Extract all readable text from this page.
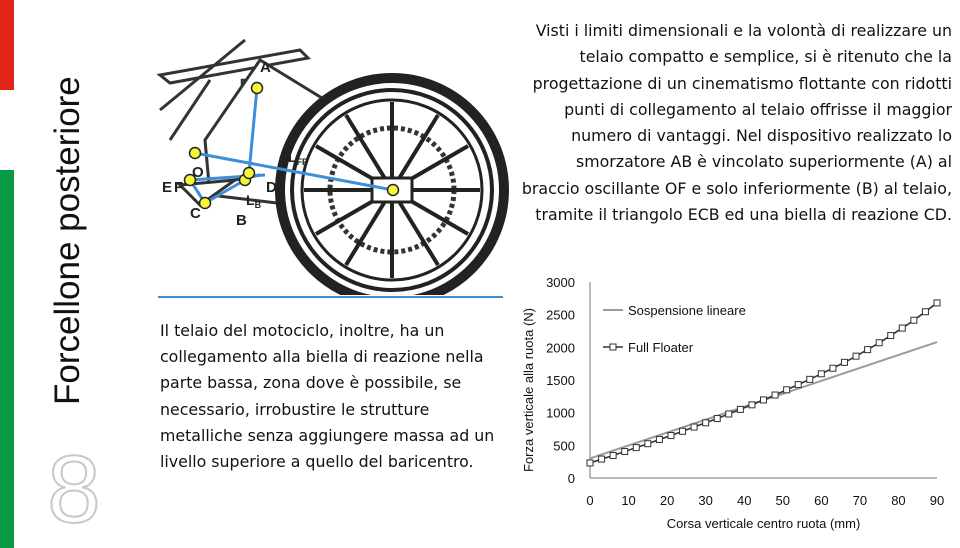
Forcellone posteriore
8
A
O
E F
C B
D
$L_B$
$L_{FP}$
Il telaio del motociclo, inoltre, ha un collegamento alla biella di reazione nella parte bassa, zona dove è possibile, se necessario, irrobustire le strutture metalliche senza aggiungere massa ad un livello superiore a quello del baricentro.
Visti i limiti dimensionali e la volontà di realizzare un telaio compatto e semplice, si è ritenuto che la progettazione di un cinematismo flottante con ridotti punti di collegamento al telaio offrisse il maggior numero di vantaggi. Nel dispositivo realizzato lo smorzatore AB è vincolato superiormente (A) al braccio oscillante OF e solo inferiormente (B) al telaio, tramite il triangolo ECB ed una biella di reazione CD.
0
500
1000
1500
2000
2500
3000
0 10 20 30 40 50 60 70 80 90
Sospensione lineare
Full Floater
Corsa verticale centro ruota (mm)
Forza verticale alla ruota (N)
